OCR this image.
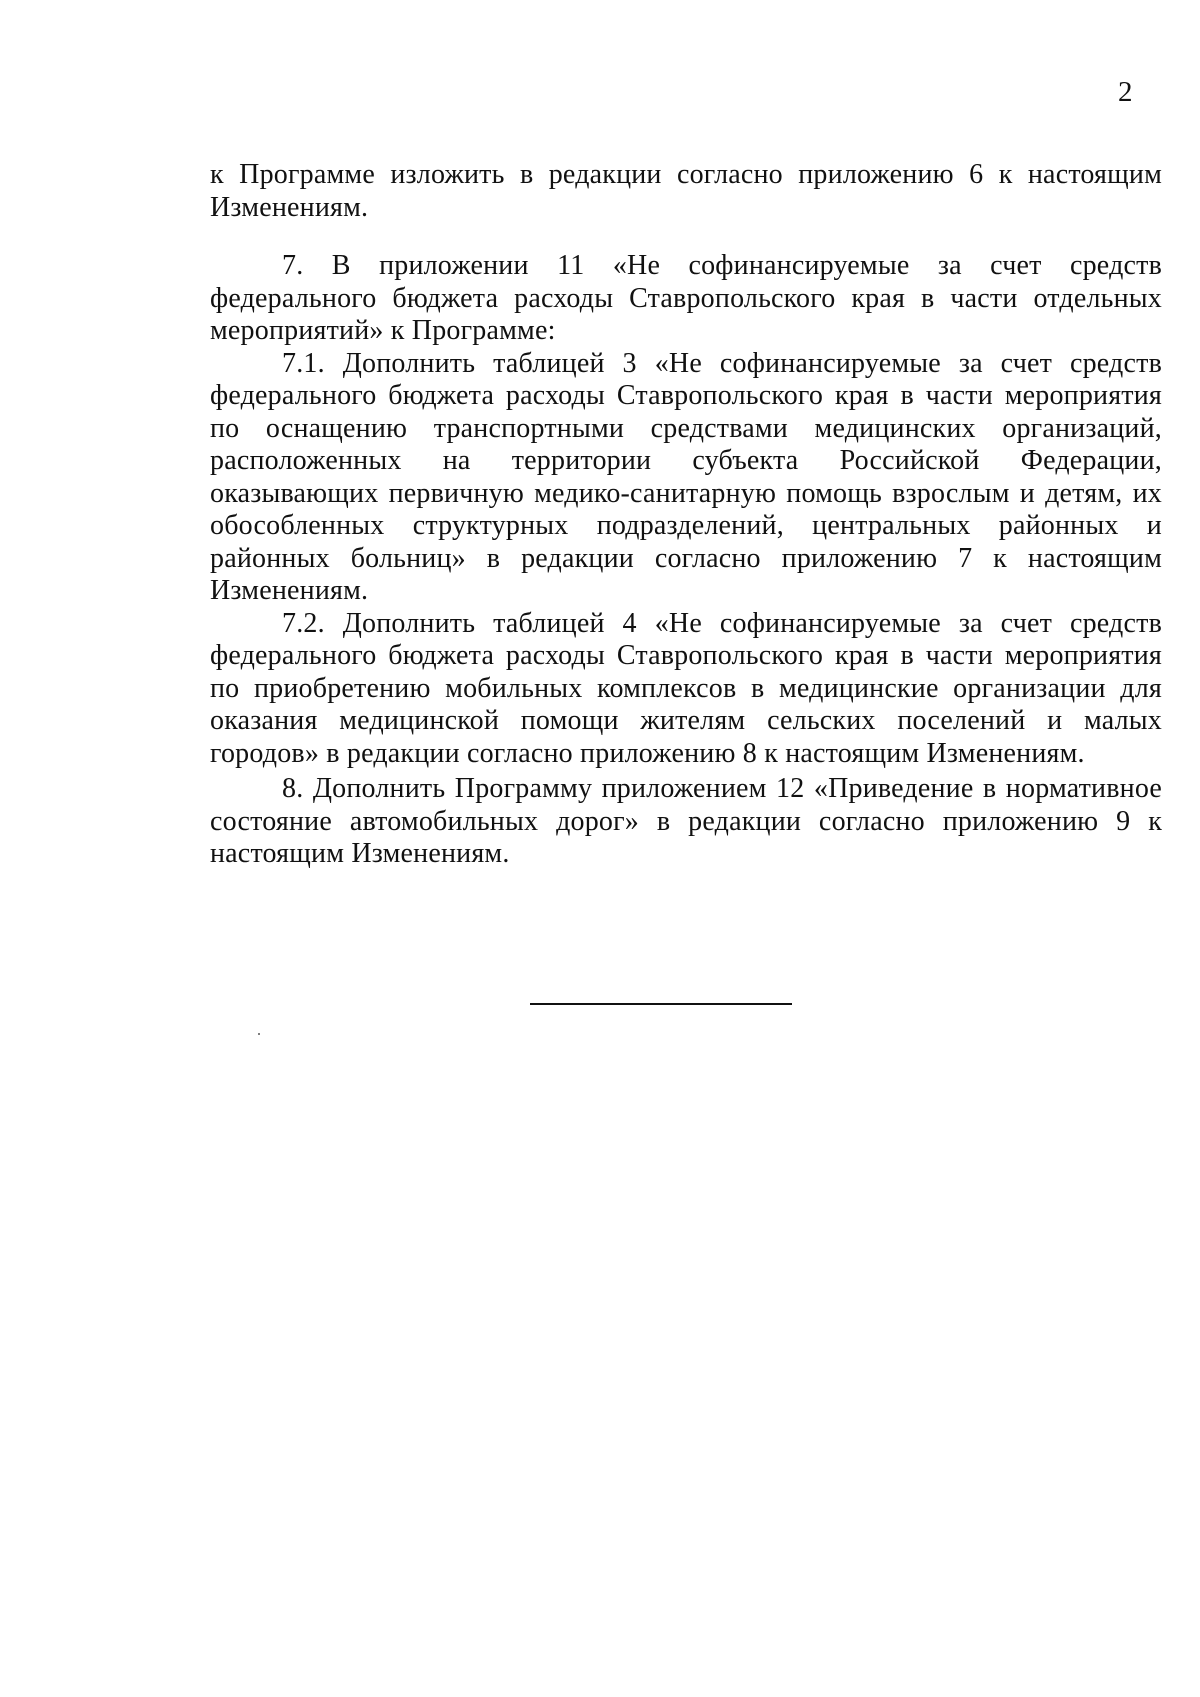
2

к Программе изложить в редакции согласно приложению 6 к настоящим Изменениям.

7. В приложении 11 «Не софинансируемые за счет средств федерального бюджета расходы Ставропольского края в части отдельных мероприятий» к Программе:

7.1. Дополнить таблицей 3 «Не софинансируемые за счет средств федерального бюджета расходы Ставропольского края в части мероприятия по оснащению транспортными средствами медицинских организаций, расположенных на территории субъекта Российской Федерации, оказывающих первичную медико-санитарную помощь взрослым и детям, их обособленных структурных подразделений, центральных районных и районных больниц» в редакции согласно приложению 7 к настоящим Изменениям.

7.2. Дополнить таблицей 4 «Не софинансируемые за счет средств федерального бюджета расходы Ставропольского края в части мероприятия по приобретению мобильных комплексов в медицинские организации для оказания медицинской помощи жителям сельских поселений и малых городов» в редакции согласно приложению 8 к настоящим Изменениям.

8. Дополнить Программу приложением 12 «Приведение в нормативное состояние автомобильных дорог» в редакции согласно приложению 9 к настоящим Изменениям.
